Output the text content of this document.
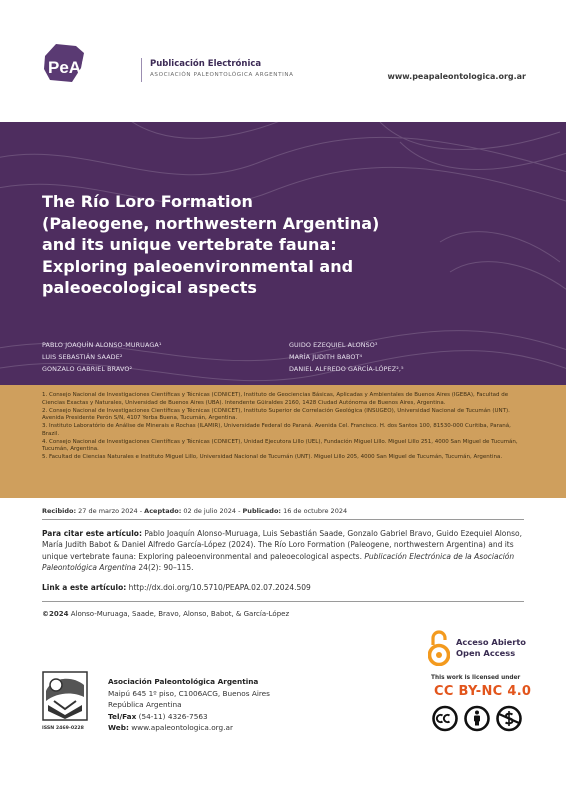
PeAPA	Publicación Electrónica
ASOCIACIÓN PALEONTOLÓGICA ARGENTINA	www.peapaleontologica.org.ar
The Río Loro Formation
(Paleogene, northwestern Argentina)
and its unique vertebrate fauna:
Exploring paleoenvironmental and
paleoecological aspects
PABLO JOAQUÍN ALONSO-MURUAGA¹
LUIS SEBASTIÁN SAADE²
GONZALO GABRIEL BRAVO²
GUIDO EZEQUIEL ALONSO³
MARÍA JUDITH BABOT⁴
DANIEL ALFREDO GARCÍA-LÓPEZ²,⁵
1. Consejo Nacional de Investigaciones Científicas y Técnicas (CONICET), Instituto de Geociencias Básicas, Aplicadas y Ambientales de Buenos Aires (IGEBA), Facultad de Ciencias Exactas y Naturales, Universidad de Buenos Aires (UBA). Intendente Güiraldes 2160, 1428 Ciudad Autónoma de Buenos Aires, Argentina.
2. Consejo Nacional de Investigaciones Científicas y Técnicas (CONICET), Instituto Superior de Correlación Geológica (INSUGEO), Universidad Nacional de Tucumán (UNT). Avenida Presidente Perón S/N, 4107 Yerba Buena, Tucumán, Argentina.
3. Instituto Laboratório de Análise de Minerais e Rochas (ILAMIR), Universidade Federal do Paraná. Avenida Cel. Francisco. H. dos Santos 100, 81530-000 Curitiba, Paraná, Brazil.
4. Consejo Nacional de Investigaciones Científicas y Técnicas (CONICET), Unidad Ejecutora Lillo (UEL), Fundación Miguel Lillo. Miguel Lillo 251, 4000 San Miguel de Tucumán, Tucumán, Argentina.
5. Facultad de Ciencias Naturales e Instituto Miguel Lillo, Universidad Nacional de Tucumán (UNT). Miguel Lillo 205, 4000 San Miguel de Tucumán, Tucumán, Argentina.
Recibido: 27 de marzo 2024 - Aceptado: 02 de julio 2024 - Publicado: 16 de octubre 2024
Para citar este artículo: Pablo Joaquín Alonso-Muruaga, Luis Sebastián Saade, Gonzalo Gabriel Bravo, Guido Ezequiel Alonso, María Judith Babot & Daniel Alfredo García-López (2024). The Río Loro Formation (Paleogene, northwestern Argentina) and its unique vertebrate fauna: Exploring paleoenvironmental and paleoecological aspects. Publicación Electrónica de la Asociación Paleontológica Argentina 24(2): 90–115.
Link a este artículo: http://dx.doi.org/10.5710/PEAPA.02.07.2024.509
©2024 Alonso-Muruaga, Saade, Bravo, Alonso, Babot, & García-López
Acceso Abierto
Open Access
This work is licensed under
CC BY-NC 4.0
ISSN 2469-0228
Asociación Paleontológica Argentina
Maipú 645 1º piso, C1006ACG, Buenos Aires
República Argentina
Tel/Fax (54-11) 4326-7563
Web: www.apaleontologica.org.ar
